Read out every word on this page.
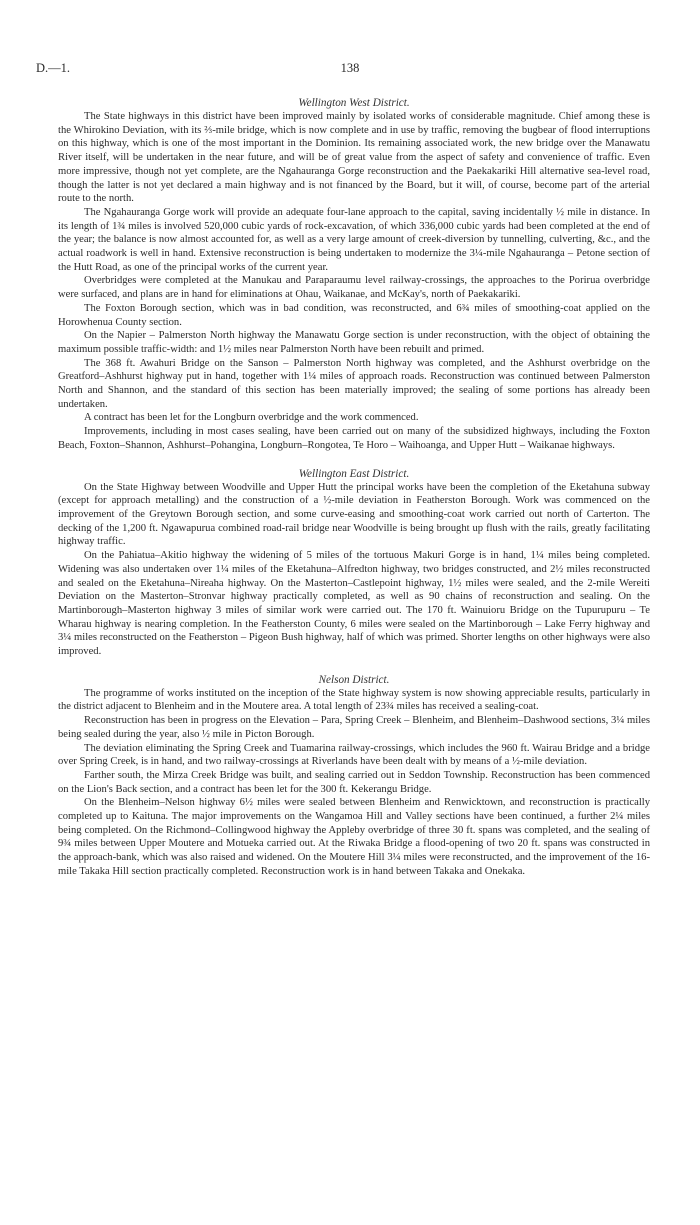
D.—1.	138
Wellington West District.

The State highways in this district have been improved mainly by isolated works of considerable magnitude. Chief among these is the Whirokino Deviation, with its ⅔-mile bridge, which is now complete and in use by traffic, removing the bugbear of flood interruptions on this highway, which is one of the most important in the Dominion. Its remaining associated work, the new bridge over the Manawatu River itself, will be undertaken in the near future, and will be of great value from the aspect of safety and convenience of traffic. Even more impressive, though not yet complete, are the Ngahauranga Gorge reconstruction and the Paekakariki Hill alternative sea-level road, though the latter is not yet declared a main highway and is not financed by the Board, but it will, of course, become part of the arterial route to the north.

The Ngahauranga Gorge work will provide an adequate four-lane approach to the capital, saving incidentally ½ mile in distance. In its length of 1¾ miles is involved 520,000 cubic yards of rock-excavation, of which 336,000 cubic yards had been completed at the end of the year; the balance is now almost accounted for, as well as a very large amount of creek-diversion by tunnelling, culverting, &c., and the actual roadwork is well in hand. Extensive reconstruction is being undertaken to modernize the 3¼-mile Ngahauranga – Petone section of the Hutt Road, as one of the principal works of the current year.

Overbridges were completed at the Manukau and Paraparaumu level railway-crossings, the approaches to the Porirua overbridge were surfaced, and plans are in hand for eliminations at Ohau, Waikanae, and McKay's, north of Paekakariki.

The Foxton Borough section, which was in bad condition, was reconstructed, and 6¾ miles of smoothing-coat applied on the Horowhenua County section.

On the Napier – Palmerston North highway the Manawatu Gorge section is under reconstruction, with the object of obtaining the maximum possible traffic-width: and 1½ miles near Palmerston North have been rebuilt and primed.

The 368 ft. Awahuri Bridge on the Sanson – Palmerston North highway was completed, and the Ashhurst overbridge on the Greatford–Ashhurst highway put in hand, together with 1¼ miles of approach roads. Reconstruction was continued between Palmerston North and Shannon, and the standard of this section has been materially improved; the sealing of some portions has already been undertaken.

A contract has been let for the Longburn overbridge and the work commenced.

Improvements, including in most cases sealing, have been carried out on many of the subsidized highways, including the Foxton Beach, Foxton–Shannon, Ashhurst–Pohangina, Longburn–Rongotea, Te Horo – Waihoanga, and Upper Hutt – Waikanae highways.

Wellington East District.

On the State Highway between Woodville and Upper Hutt the principal works have been the completion of the Eketahuna subway (except for approach metalling) and the construction of a ½-mile deviation in Featherston Borough. Work was commenced on the improvement of the Greytown Borough section, and some curve-easing and smoothing-coat work carried out north of Carterton. The decking of the 1,200 ft. Ngawapurua combined road-rail bridge near Woodville is being brought up flush with the rails, greatly facilitating highway traffic.

On the Pahiatua–Akitio highway the widening of 5 miles of the tortuous Makuri Gorge is in hand, 1¼ miles being completed. Widening was also undertaken over 1¼ miles of the Eketahuna–Alfredton highway, two bridges constructed, and 2½ miles reconstructed and sealed on the Eketahuna–Nireaha highway. On the Masterton–Castlepoint highway, 1½ miles were sealed, and the 2-mile Wereiti Deviation on the Masterton–Stronvar highway practically completed, as well as 90 chains of reconstruction and sealing. On the Martinborough–Masterton highway 3 miles of similar work were carried out. The 170 ft. Wainuioru Bridge on the Tupurupuru – Te Wharau highway is nearing completion. In the Featherston County, 6 miles were sealed on the Martinborough – Lake Ferry highway and 3¼ miles reconstructed on the Featherston – Pigeon Bush highway, half of which was primed. Shorter lengths on other highways were also improved.

Nelson District.

The programme of works instituted on the inception of the State highway system is now showing appreciable results, particularly in the district adjacent to Blenheim and in the Moutere area. A total length of 23¾ miles has received a sealing-coat.

Reconstruction has been in progress on the Elevation – Para, Spring Creek – Blenheim, and Blenheim–Dashwood sections, 3¼ miles being sealed during the year, also ½ mile in Picton Borough.

The deviation eliminating the Spring Creek and Tuamarina railway-crossings, which includes the 960 ft. Wairau Bridge and a bridge over Spring Creek, is in hand, and two railway-crossings at Riverlands have been dealt with by means of a ½-mile deviation.

Farther south, the Mirza Creek Bridge was built, and sealing carried out in Seddon Township. Reconstruction has been commenced on the Lion's Back section, and a contract has been let for the 300 ft. Kekerangu Bridge.

On the Blenheim–Nelson highway 6½ miles were sealed between Blenheim and Renwicktown, and reconstruction is practically completed up to Kaituna. The major improvements on the Wangamoa Hill and Valley sections have been continued, a further 2¼ miles being completed. On the Richmond–Collingwood highway the Appleby overbridge of three 30 ft. spans was completed, and the sealing of 9¾ miles between Upper Moutere and Motueka carried out. At the Riwaka Bridge a flood-opening of two 20 ft. spans was constructed in the approach-bank, which was also raised and widened. On the Moutere Hill 3¼ miles were reconstructed, and the improvement of the 16-mile Takaka Hill section practically completed. Reconstruction work is in hand between Takaka and Onekaka.
